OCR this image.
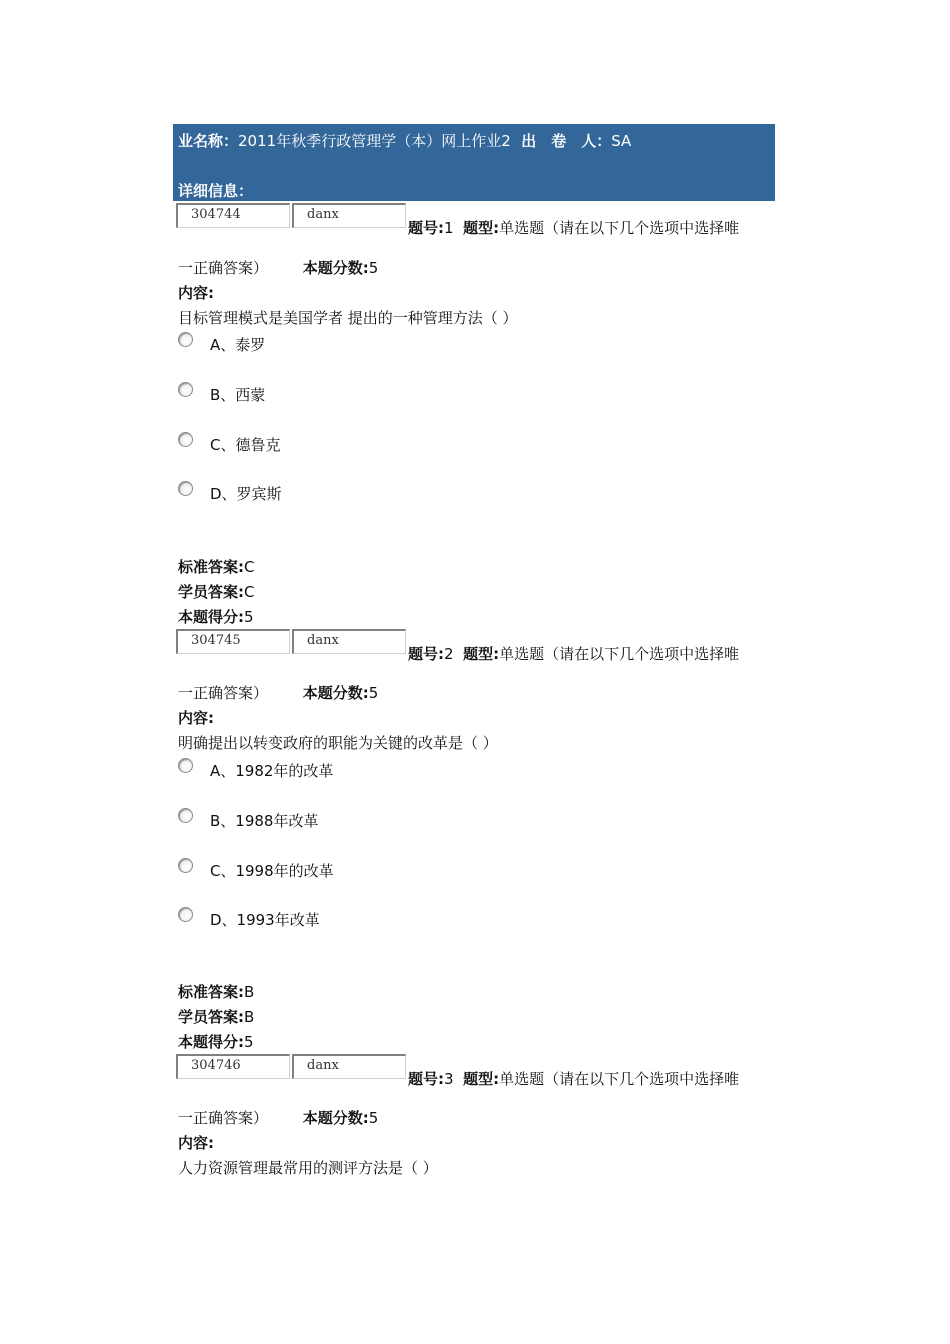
业名称：2011年秋季行政管理学（本）网上作业2 出　卷　人：SA
详细信息：
304744	danx
题号:1 题型:单选题（请在以下几个选项中选择唯
一正确答案） 本题分数:5
内容:
目标管理模式是美国学者 提出的一种管理方法（ ）
A、泰罗
B、西蒙
C、德鲁克
D、罗宾斯
标准答案:C
学员答案:C
本题得分:5
304745	danx
题号:2 题型:单选题（请在以下几个选项中选择唯
一正确答案） 本题分数:5
内容:
明确提出以转变政府的职能为关键的改革是（ ）
A、1982年的改革
B、1988年改革
C、1998年的改革
D、1993年改革
标准答案:B
学员答案:B
本题得分:5
304746	danx
题号:3 题型:单选题（请在以下几个选项中选择唯
一正确答案） 本题分数:5
内容:
人力资源管理最常用的测评方法是（ ）
